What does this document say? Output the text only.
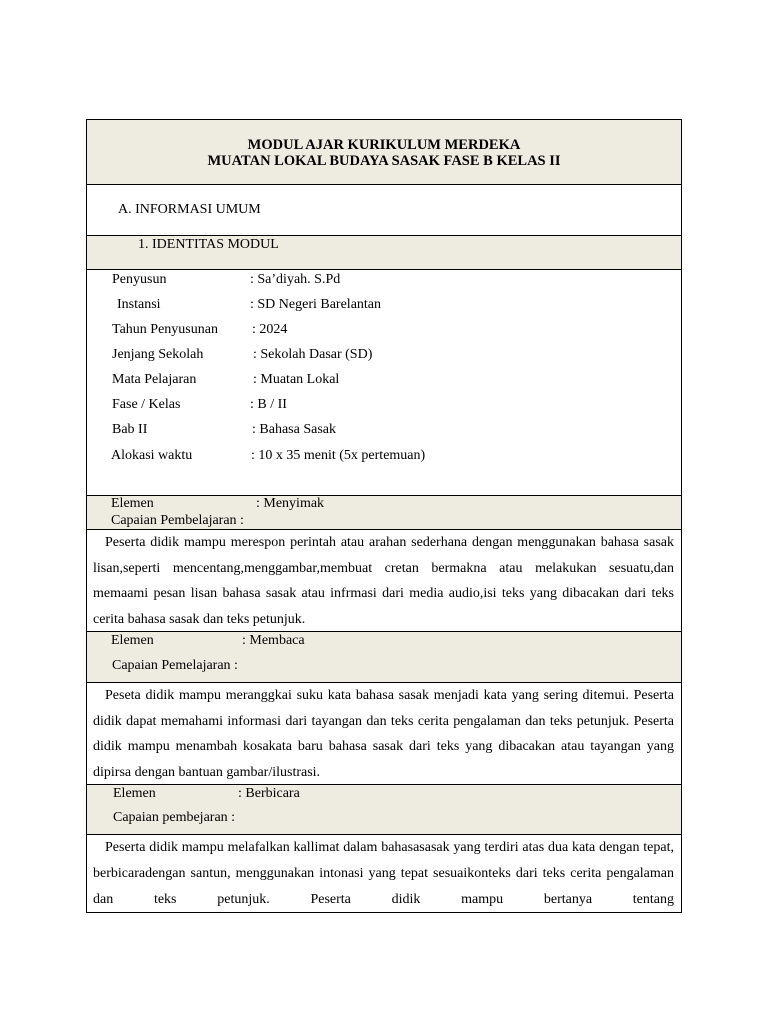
MODUL AJAR KURIKULUM MERDEKA
MUATAN LOKAL BUDAYA SASAK FASE B KELAS II
A. INFORMASI UMUM
1. IDENTITAS MODUL
Penyusun	: Sa’diyah. S.Pd
Instansi	: SD Negeri Barelantan
Tahun Penyusunan : 2024
Jenjang Sekolah	: Sekolah Dasar (SD)
Mata Pelajaran	: Muatan Lokal
Fase / Kelas	: B / II
Bab II	: Bahasa Sasak
Alokasi waktu	: 10 x 35 menit (5x pertemuan)
Elemen	: Menyimak
Capaian Pembelajaran :
Peserta didik mampu merespon perintah atau arahan sederhana dengan menggunakan bahasa sasak lisan,seperti mencentang,menggambar,membuat cretan bermakna atau melakukan sesuatu,dan memaami pesan lisan bahasa sasak atau infrmasi dari media audio,isi teks yang dibacakan dari teks cerita bahasa sasak dan teks petunjuk.
Elemen	: Membaca
Capaian Pemelajaran :
Peseta didik mampu meranggkai suku kata bahasa sasak menjadi kata yang sering ditemui. Peserta didik dapat memahami informasi dari tayangan dan teks cerita pengalaman dan teks petunjuk. Peserta didik mampu menambah kosakata baru bahasa sasak dari teks yang dibacakan atau tayangan yang dipirsa dengan bantuan gambar/ilustrasi.
Elemen	: Berbicara
Capaian pembejaran :
Peserta didik mampu melafalkan kallimat dalam bahasasasak yang terdiri atas dua kata dengan tepat, berbicaradengan santun, menggunakan intonasi yang tepat sesuaikonteks dari teks cerita pengalaman dan teks petunjuk. Peserta didik mampu bertanya tentang
